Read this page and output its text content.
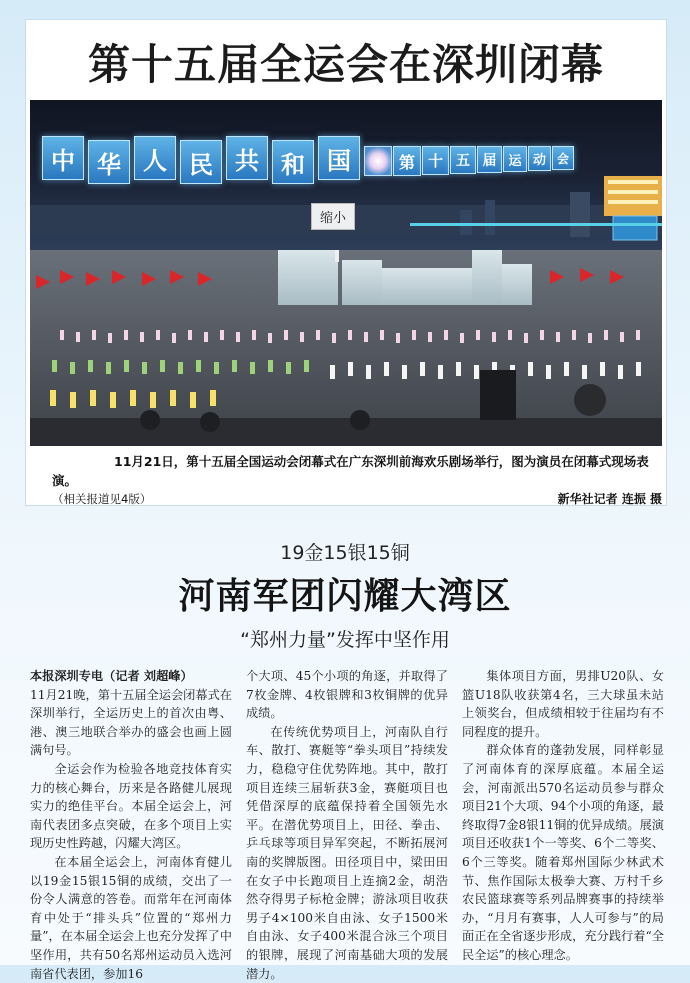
第十五届全运会在深圳闭幕
中 华 人 民 共 和 国	第 十 五 届 运 动 会
缩小
11月21日，第十五届全国运动会闭幕式在广东深圳前海欢乐剧场举行，图为演员在闭幕式现场表演。
（相关报道见4版）	新华社记者 连振 摄
19金15银15铜
河南军团闪耀大湾区
“郑州力量”发挥中坚作用

本报深圳专电（记者 刘超峰）

11月21晚，第十五届全运会闭幕式在深圳举行，全运历史上的首次由粤、港、澳三地联合举办的盛会也画上圆满句号。

全运会作为检验各地竞技体育实力的核心舞台，历来是各路健儿展现实力的绝佳平台。本届全运会上，河南代表团多点突破，在多个项目上实现历史性跨越，闪耀大湾区。

在本届全运会上，河南体育健儿以19金15银15铜的成绩，交出了一份令人满意的答卷。而常年在河南体育中处于“排头兵”位置的“郑州力量”，在本届全运会上也充分发挥了中坚作用，共有50名郑州运动员入选河南省代表团，参加16

个大项、45个小项的角逐，并取得了7枚金牌、4枚银牌和3枚铜牌的优异成绩。

在传统优势项目上，河南队自行车、散打、赛艇等“拳头项目”持续发力，稳稳守住优势阵地。其中，散打项目连续三届斩获3金，赛艇项目也凭借深厚的底蕴保持着全国领先水平。在潜优势项目上，田径、拳击、乒乓球等项目异军突起，不断拓展河南的奖牌版图。田径项目中，梁田田在女子中长跑项目上连摘2金，胡浩然夺得男子标枪金牌；游泳项目收获男子4×100米自由泳、女子1500米自由泳、女子400米混合泳三个项目的银牌，展现了河南基础大项的发展潜力。

集体项目方面，男排U20队、女篮U18队收获第4名，三大球虽未站上领奖台，但成绩相较于往届均有不同程度的提升。

群众体育的蓬勃发展，同样彰显了河南体育的深厚底蕴。本届全运会，河南派出570名运动员参与群众项目21个大项、94个小项的角逐，最终取得7金8银11铜的优异成绩。展演项目还收获1个一等奖、6个二等奖、6个三等奖。随着郑州国际少林武术节、焦作国际太极拳大赛、万村千乡农民篮球赛等系列品牌赛事的持续举办，“月月有赛事，人人可参与”的局面正在全省逐步形成，充分践行着“全民全运”的核心理念。
